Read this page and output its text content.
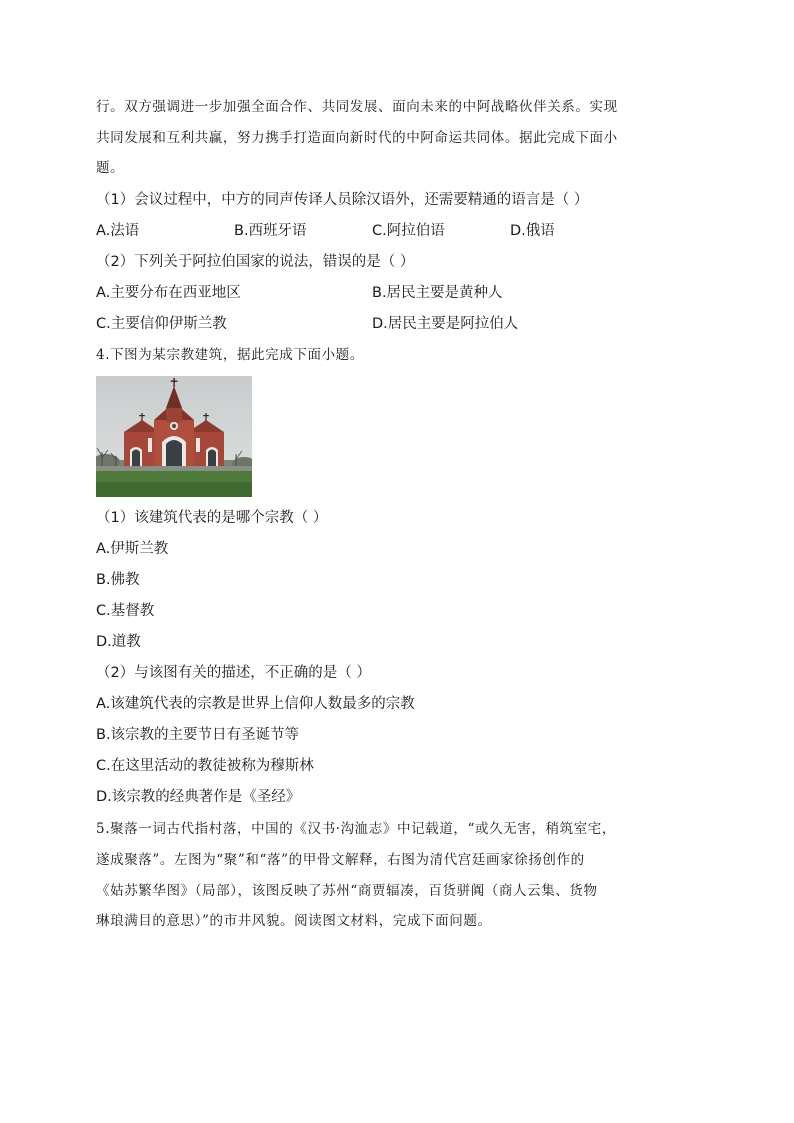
行。双方强调进一步加强全面合作、共同发展、面向未来的中阿战略伙伴关系。实现
共同发展和互利共赢，努力携手打造面向新时代的中阿命运共同体。据此完成下面小
题。
（1）会议过程中，中方的同声传译人员除汉语外，还需要精通的语言是（ ）
A.法语	B.西班牙语	C.阿拉伯语	D.俄语
（2）下列关于阿拉伯国家的说法，错误的是（ ）
A.主要分布在西亚地区	B.居民主要是黄种人
C.主要信仰伊斯兰教	D.居民主要是阿拉伯人
4.下图为某宗教建筑，据此完成下面小题。
（1）该建筑代表的是哪个宗教（ ）
A.伊斯兰教
B.佛教
C.基督教
D.道教
（2）与该图有关的描述，不正确的是（ ）
A.该建筑代表的宗教是世界上信仰人数最多的宗教
B.该宗教的主要节日有圣诞节等
C.在这里活动的教徒被称为穆斯林
D.该宗教的经典著作是《圣经》
5.聚落一词古代指村落，中国的《汉书·沟洫志》中记载道，“或久无害，稍筑室宅，
遂成聚落”。左图为“聚”和“落”的甲骨文解释，右图为清代宫廷画家徐扬创作的
《姑苏繁华图》（局部），该图反映了苏州“商贾辐凑，百货骈阗（商人云集、货物
琳琅满目的意思）”的市井风貌。阅读图文材料，完成下面问题。
